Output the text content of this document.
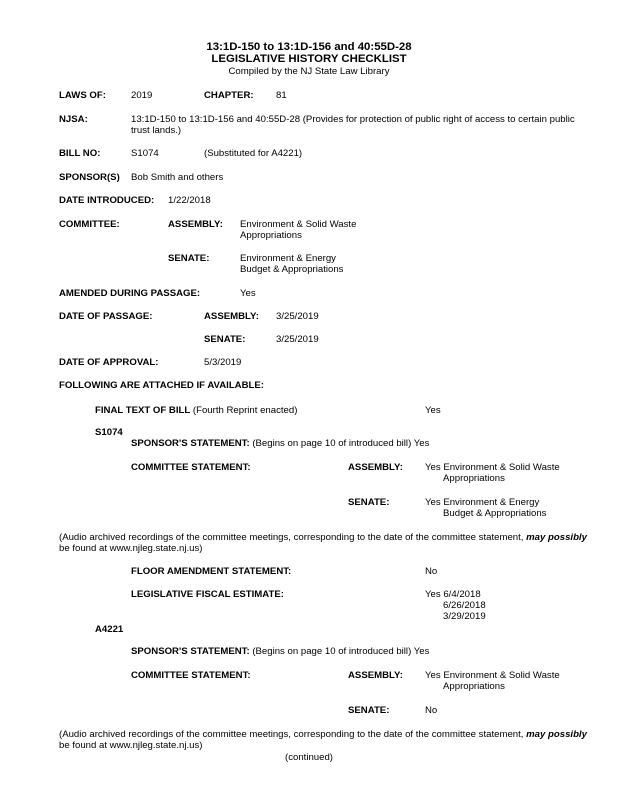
13:1D-150 to 13:1D-156 and 40:55D-28
LEGISLATIVE HISTORY CHECKLIST
Compiled by the NJ State Law Library
LAWS OF:	2019	CHAPTER: 81
NJSA:	13:1D-150 to 13:1D-156 and 40:55D-28 (Provides for protection of public right of access to certain public
trust lands.)
BILL NO:	S1074	(Substituted for A4221)
SPONSOR(S) Bob Smith and others
DATE INTRODUCED: 1/22/2018
COMMITTEE:	ASSEMBLY: Environment & Solid Waste
Appropriations
SENATE:	Environment & Energy
Budget & Appropriations
AMENDED DURING PASSAGE:	Yes
DATE OF PASSAGE:	ASSEMBLY: 3/25/2019
SENATE:	3/25/2019
DATE OF APPROVAL:	5/3/2019
FOLLOWING ARE ATTACHED IF AVAILABLE:
FINAL TEXT OF BILL (Fourth Reprint enacted)	Yes
S1074
SPONSOR'S STATEMENT: (Begins on page 10 of introduced bill) Yes
COMMITTEE STATEMENT:	ASSEMBLY: Yes Environment & Solid Waste
Appropriations
SENATE:	Yes Environment & Energy
Budget & Appropriations
(Audio archived recordings of the committee meetings, corresponding to the date of the committee statement, may possibly
be found at www.njleg.state.nj.us)
FLOOR AMENDMENT STATEMENT:	No
LEGISLATIVE FISCAL ESTIMATE:	Yes 6/4/2018
6/26/2018
3/29/2019
A4221
SPONSOR'S STATEMENT: (Begins on page 10 of introduced bill) Yes
COMMITTEE STATEMENT:	ASSEMBLY: Yes Environment & Solid Waste
Appropriations
SENATE:	No
(Audio archived recordings of the committee meetings, corresponding to the date of the committee statement, may possibly
be found at www.njleg.state.nj.us)
(continued)
